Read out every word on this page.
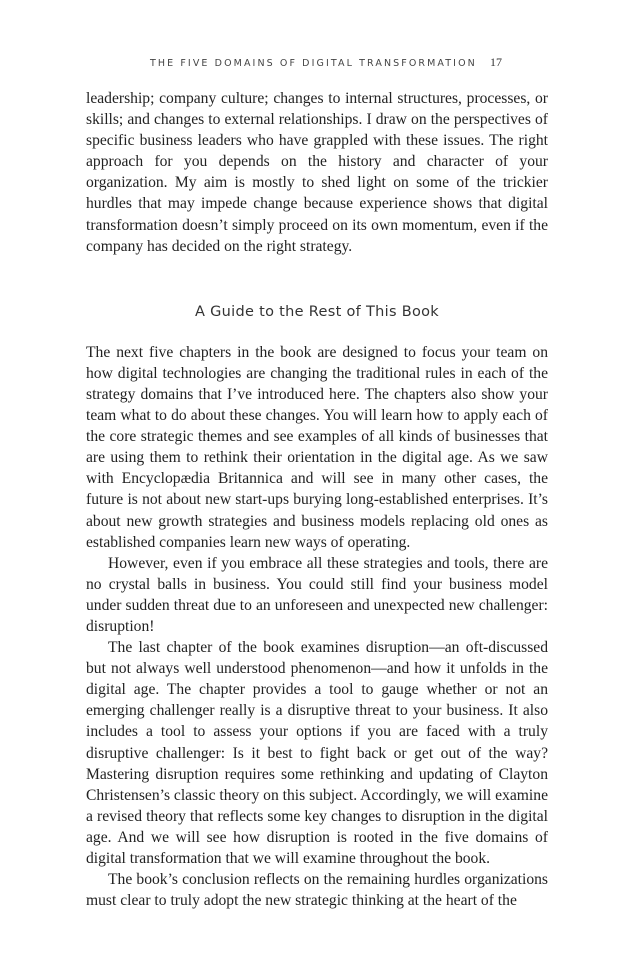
THE FIVE DOMAINS OF DIGITAL TRANSFORMATION 17

leadership; company culture; changes to internal structures, processes, or skills; and changes to external relationships. I draw on the perspectives of specific business leaders who have grappled with these issues. The right approach for you depends on the history and character of your organization. My aim is mostly to shed light on some of the trickier hurdles that may impede change because experience shows that digital transformation doesn’t simply proceed on its own momentum, even if the company has decided on the right strategy.

A Guide to the Rest of This Book

The next five chapters in the book are designed to focus your team on how digital technologies are changing the traditional rules in each of the strategy domains that I’ve introduced here. The chapters also show your team what to do about these changes. You will learn how to apply each of the core strategic themes and see examples of all kinds of businesses that are using them to rethink their orientation in the digital age. As we saw with Encyclopædia Britannica and will see in many other cases, the future is not about new start-ups burying long-established enterprises. It’s about new growth strategies and business models replacing old ones as established companies learn new ways of operating.

However, even if you embrace all these strategies and tools, there are no crystal balls in business. You could still find your business model under sudden threat due to an unforeseen and unexpected new challenger: disruption!

The last chapter of the book examines disruption—an oft-discussed but not always well understood phenomenon—and how it unfolds in the digital age. The chapter provides a tool to gauge whether or not an emerging challenger really is a disruptive threat to your business. It also includes a tool to assess your options if you are faced with a truly disruptive challenger: Is it best to fight back or get out of the way? Mastering disruption requires some rethinking and updating of Clayton Christensen’s classic theory on this subject. Accordingly, we will examine a revised theory that reflects some key changes to disruption in the digital age. And we will see how disruption is rooted in the five domains of digital transformation that we will examine throughout the book.

The book’s conclusion reflects on the remaining hurdles organizations must clear to truly adopt the new strategic thinking at the heart of the
